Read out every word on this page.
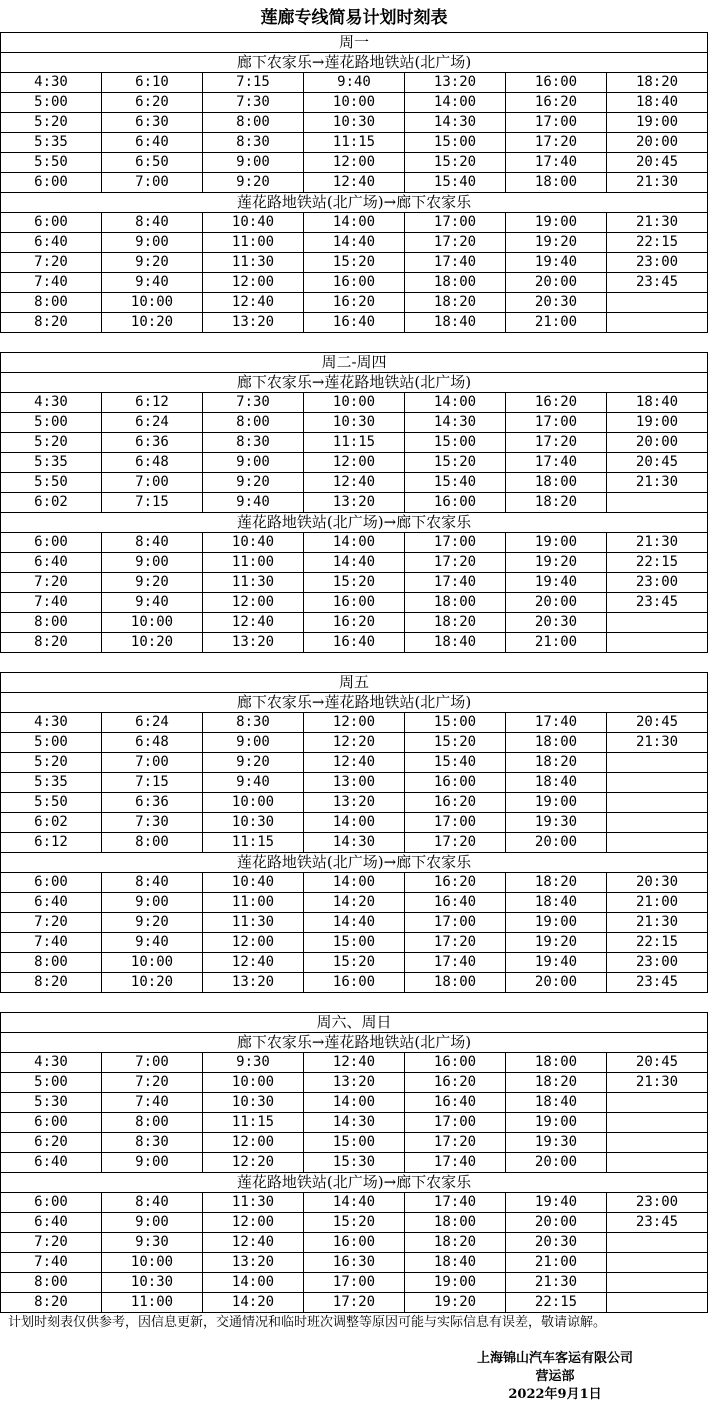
莲廊专线简易计划时刻表
周一						
廊下农家乐→莲花路地铁站(北广场)						
4:30	6:10	7:15	9:40	13:20	16:00	18:20
5:00	6:20	7:30	10:00	14:00	16:20	18:40
5:20	6:30	8:00	10:30	14:30	17:00	19:00
5:35	6:40	8:30	11:15	15:00	17:20	20:00
5:50	6:50	9:00	12:00	15:20	17:40	20:45
6:00	7:00	9:20	12:40	15:40	18:00	21:30
莲花路地铁站(北广场)→廊下农家乐						
6:00	8:40	10:40	14:00	17:00	19:00	21:30
6:40	9:00	11:00	14:40	17:20	19:20	22:15
7:20	9:20	11:30	15:20	17:40	19:40	23:00
7:40	9:40	12:00	16:00	18:00	20:00	23:45
8:00	10:00	12:40	16:20	18:20	20:30	
8:20	10:20	13:20	16:40	18:40	21:00	
周二-周四						
廊下农家乐→莲花路地铁站(北广场)						
4:30	6:12	7:30	10:00	14:00	16:20	18:40
5:00	6:24	8:00	10:30	14:30	17:00	19:00
5:20	6:36	8:30	11:15	15:00	17:20	20:00
5:35	6:48	9:00	12:00	15:20	17:40	20:45
5:50	7:00	9:20	12:40	15:40	18:00	21:30
6:02	7:15	9:40	13:20	16:00	18:20	
莲花路地铁站(北广场)→廊下农家乐						
6:00	8:40	10:40	14:00	17:00	19:00	21:30
6:40	9:00	11:00	14:40	17:20	19:20	22:15
7:20	9:20	11:30	15:20	17:40	19:40	23:00
7:40	9:40	12:00	16:00	18:00	20:00	23:45
8:00	10:00	12:40	16:20	18:20	20:30	
8:20	10:20	13:20	16:40	18:40	21:00	
周五						
廊下农家乐→莲花路地铁站(北广场)						
4:30	6:24	8:30	12:00	15:00	17:40	20:45
5:00	6:48	9:00	12:20	15:20	18:00	21:30
5:20	7:00	9:20	12:40	15:40	18:20	
5:35	7:15	9:40	13:00	16:00	18:40	
5:50	6:36	10:00	13:20	16:20	19:00	
6:02	7:30	10:30	14:00	17:00	19:30	
6:12	8:00	11:15	14:30	17:20	20:00	
莲花路地铁站(北广场)→廊下农家乐						
6:00	8:40	10:40	14:00	16:20	18:20	20:30
6:40	9:00	11:00	14:20	16:40	18:40	21:00
7:20	9:20	11:30	14:40	17:00	19:00	21:30
7:40	9:40	12:00	15:00	17:20	19:20	22:15
8:00	10:00	12:40	15:20	17:40	19:40	23:00
8:20	10:20	13:20	16:00	18:00	20:00	23:45
周六、周日						
廊下农家乐→莲花路地铁站(北广场)						
4:30	7:00	9:30	12:40	16:00	18:00	20:45
5:00	7:20	10:00	13:20	16:20	18:20	21:30
5:30	7:40	10:30	14:00	16:40	18:40	
6:00	8:00	11:15	14:30	17:00	19:00	
6:20	8:30	12:00	15:00	17:20	19:30	
6:40	9:00	12:20	15:30	17:40	20:00	
莲花路地铁站(北广场)→廊下农家乐						
6:00	8:40	11:30	14:40	17:40	19:40	23:00
6:40	9:00	12:00	15:20	18:00	20:00	23:45
7:20	9:30	12:40	16:00	18:20	20:30	
7:40	10:00	13:20	16:30	18:40	21:00	
8:00	10:30	14:00	17:00	19:00	21:30	
8:20	11:00	14:20	17:20	19:20	22:15	
计划时刻表仅供参考，因信息更新，交通情况和临时班次调整等原因可能与实际信息有误差，敬请谅解。
上海锦山汽车客运有限公司
营运部
2022年9月1日
